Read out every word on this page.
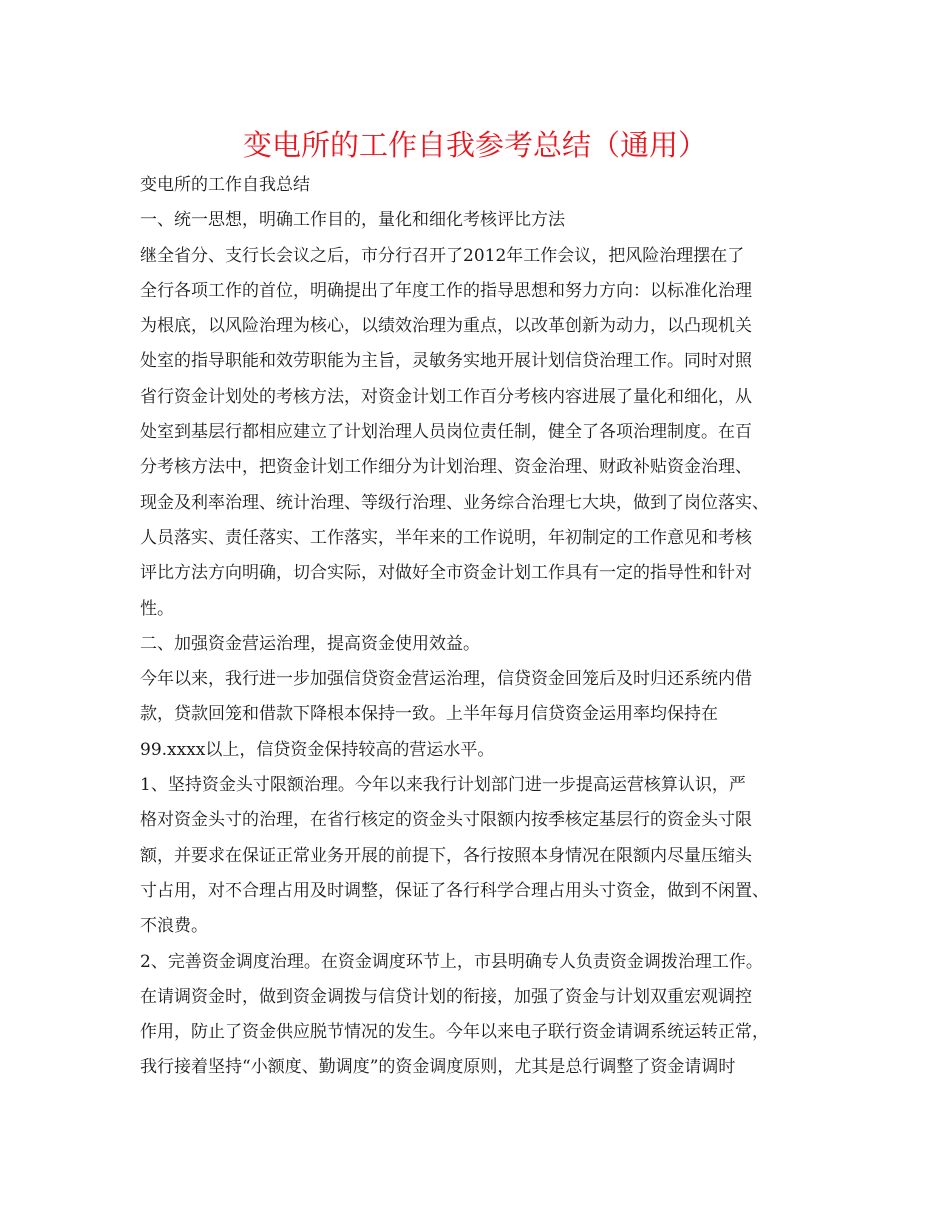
变电所的工作自我参考总结（通用）
变电所的工作自我总结
一、统一思想，明确工作目的，量化和细化考核评比方法
继全省分、支行长会议之后，市分行召开了2012年工作会议，把风险治理摆在了
全行各项工作的首位，明确提出了年度工作的指导思想和努力方向：以标准化治理
为根底，以风险治理为核心，以绩效治理为重点，以改革创新为动力，以凸现机关
处室的指导职能和效劳职能为主旨，灵敏务实地开展计划信贷治理工作。同时对照
省行资金计划处的考核方法，对资金计划工作百分考核内容进展了量化和细化，从
处室到基层行都相应建立了计划治理人员岗位责任制，健全了各项治理制度。在百
分考核方法中，把资金计划工作细分为计划治理、资金治理、财政补贴资金治理、
现金及利率治理、统计治理、等级行治理、业务综合治理七大块，做到了岗位落实、
人员落实、责任落实、工作落实，半年来的工作说明，年初制定的工作意见和考核
评比方法方向明确，切合实际，对做好全市资金计划工作具有一定的指导性和针对
性。
二、加强资金营运治理，提高资金使用效益。
今年以来，我行进一步加强信贷资金营运治理，信贷资金回笼后及时归还系统内借
款，贷款回笼和借款下降根本保持一致。上半年每月信贷资金运用率均保持在
99.xxxx以上，信贷资金保持较高的营运水平。
1、坚持资金头寸限额治理。今年以来我行计划部门进一步提高运营核算认识，严
格对资金头寸的治理，在省行核定的资金头寸限额内按季核定基层行的资金头寸限
额，并要求在保证正常业务开展的前提下，各行按照本身情况在限额内尽量压缩头
寸占用，对不合理占用及时调整，保证了各行科学合理占用头寸资金，做到不闲置、
不浪费。
2、完善资金调度治理。在资金调度环节上，市县明确专人负责资金调拨治理工作。
在请调资金时，做到资金调拨与信贷计划的衔接，加强了资金与计划双重宏观调控
作用，防止了资金供应脱节情况的发生。今年以来电子联行资金请调系统运转正常，
我行接着坚持“小额度、勤调度”的资金调度原则，尤其是总行调整了资金请调时
